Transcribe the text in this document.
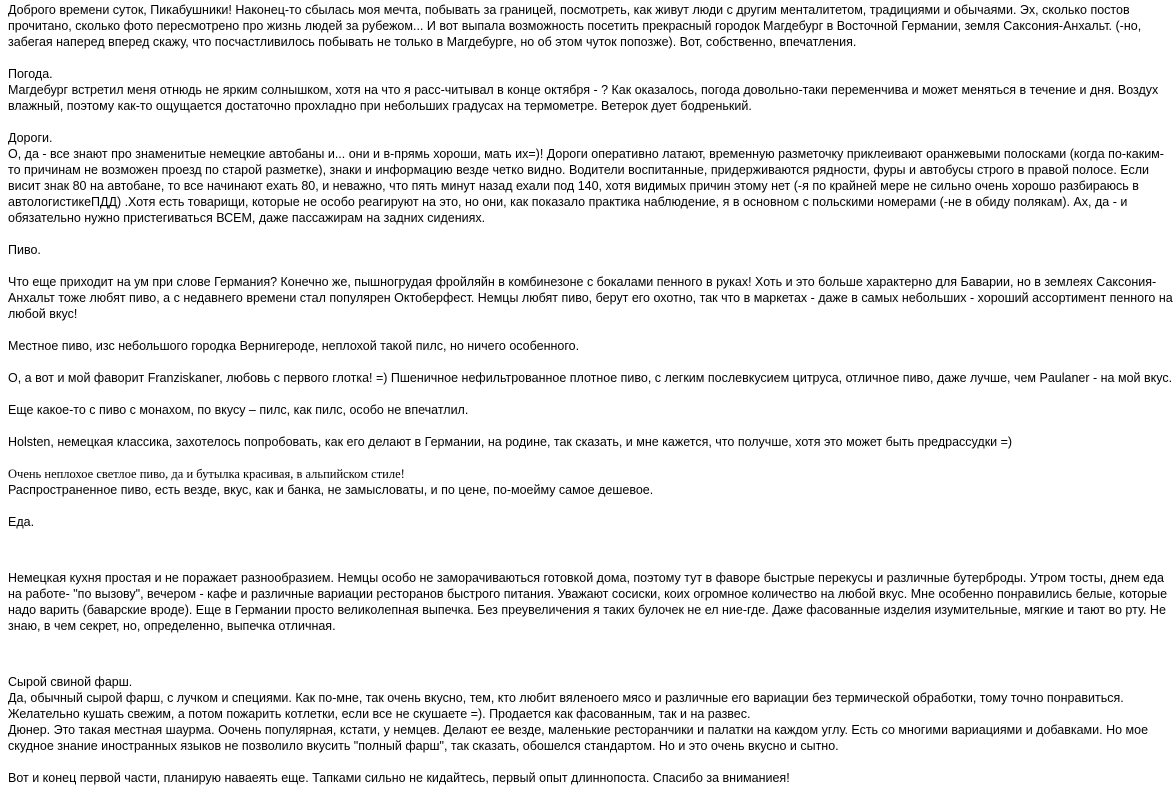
Доброго времени суток, Пикабушники! Наконец-то сбылась моя мечта, побывать за границей, посмотреть, как живут люди с другим менталитетом, традициями и обычаями. Эх, сколько постов прочитано, сколько фото пересмотрено про жизнь людей за рубежом... И вот выпала возможность посетить прекрасный городок Магдебург в Восточной Германии, земля Саксония-Анхальт. (-но, забегая наперед вперед скажу, что посчастливилось побывать не только в Магдебурге, но об этом чуток попозже). Вот, собственно, впечатления.

Погода.

Магдебург встретил меня отнюдь не ярким солнышком, хотя на что я расс-читывал в конце октября - ? Как оказалось, погода довольно-таки переменчива и может меняться в течение и дня. Воздух влажный, поэтому как-то ощущается достаточно прохладно при небольших градусах на термометре. Ветерок дует бодренький.

Дороги.

О, да - все знают про знаменитые немецкие автобаны и... они и в-прямь хороши, мать их=)! Дороги оперативно латают, временную разметочку приклеивают оранжевыми полосками (когда по-каким-то причинам не возможен проезд по старой разметке), знаки и информацию везде четко видно. Водители воспитанные, придерживаются рядности, фуры и автобусы строго в правой полосе. Если висит знак 80 на автобане, то все начинают ехать 80, и неважно, что пять минут назад ехали под 140, хотя видимых причин этому нет (-я по крайней мере не сильно очень хорошо разбираюсь в автологистикеПДД) .Хотя есть товарищи, которые не особо реагируют на это, но они, как показало практика наблюдение, я в основном с польскими номерами (-не в обиду полякам). Ах, да - и обязательно нужно пристегиваться ВСЕМ, даже пассажирам на задних сидениях.

Пиво.

Что еще приходит на ум при слове Германия? Конечно же, пышногрудая фройляйн в комбинезоне с бокалами пенного в руках! Хоть и это больше характерно для Баварии, но в землеях Саксония-Анхальт тоже любят пиво, а с недавнего времени стал популярен Октоберфест. Немцы любят пиво, берут его охотно, так что в маркетах - даже в самых небольших - хороший ассортимент пенного на любой вкус!

Местное пиво, изс небольшого городка Вернигероде, неплохой такой пилс, но ничего особенного.

О, а вот и мой фаворит Franziskaner, любовь с первого глотка! =) Пшеничное нефильтрованное плотное пиво, с легким послевкусием цитруса, отличное пиво, даже лучше, чем Paulaner - на мой вкус.

Еще какое-то с пиво с монахом, по вкусу – пилс, как пилс, особо не впечатлил.

Holsten, немецкая классика, захотелось попробовать, как его делают в Германии, на родине, так сказать, и мне кажется, что получше, хотя это может быть предрассудки =)

Очень неплохое светлое пиво, да и бутылка красивая, в альпийском стиле!

Распространенное пиво, есть везде, вкус, как и банка, не замысловаты, и по цене, по-моейму самое дешевое.

Еда.

Немецкая кухня простая и не поражает разнообразием. Немцы особо не заморачиваються готовкой дома, поэтому тут в фаворе быстрые перекусы и различные бутерброды. Утром тосты, днем еда на работе- "по вызову", вечером - кафе и различные вариации ресторанов быстрого питания. Уважают сосиски, коих огромное количество на любой вкус. Мне особенно понравились белые, которые надо варить (баварские вроде). Еще в Германии просто великолепная выпечка. Без преувеличения я таких булочек не ел ние-где. Даже фасованные изделия изумительные, мягкие и тают во рту. Не знаю, в чем секрет, но, определенно, выпечка отличная.

Сырой свиной фарш.

Да, обычный сырой фарш, с лучком и специями. Как по-мне, так очень вкусно, тем, кто любит вяленоего мясо и различные его вариации без термической обработки, тому точно понравиться. Желательно кушать свежим, а потом пожарить котлетки, если все не скушаете =). Продается как фасованным, так и на развес.

Дюнер. Это такая местная шаурма. Оочень популярная, кстати, у немцев. Делают ее везде, маленькие ресторанчики и палатки на каждом углу. Есть со многими вариациями и добавками. Но мое скудное знание иностранных языков не позволило вкусить "полный фарш", так сказать, обошелся стандартом. Но и это очень вкусно и сытно.

Вот и конец первой части, планирую наваеять еще. Тапками сильно не кидайтесь, первый опыт длиннопоста. Спасибо за вниманиея!
